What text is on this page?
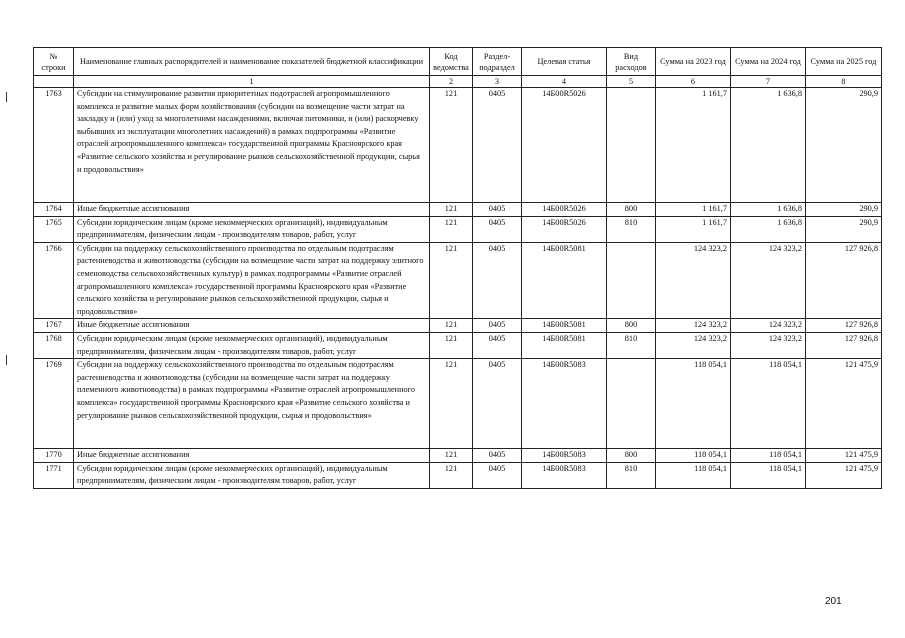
№ строки	Наименование главных распорядителей и наименование показателей бюджетной классификации	Код ведомства	Раздел-подраздел	Целевая статья	Вид расходов	Сумма на 2023 год	Сумма на 2024 год	Сумма на 2025 год
	1	2	3	4	5	6	7	8
1763	Субсидии на стимулирование развития приоритетных подотраслей агропромышленного комплекса и развитие малых форм хозяйствования (субсидии на возмещение части затрат на закладку и (или) уход за многолетними насаждениями, включая питомники, и (или) раскорчевку выбывших из эксплуатации многолетних насаждений) в рамках подпрограммы «Развитие отраслей агропромышленного комплекса» государственной программы Красноярского края «Развитие сельского хозяйства и регулирование рынков сельскохозяйственной продукции, сырья и продовольствия»	121	0405	14Б00R5026		1 161,7	1 636,8	290,9
1764	Иные бюджетные ассигнования	121	0405	14Б00R5026	800	1 161,7	1 636,8	290,9
1765	Субсидии юридическим лицам (кроме некоммерческих организаций), индивидуальным предпринимателям, физическим лицам - производителям товаров, работ, услуг	121	0405	14Б00R5026	810	1 161,7	1 636,8	290,9
1766	Субсидии на поддержку сельскохозяйственного производства по отдельным подотраслям растениеводства и животноводства (субсидии на возмещение части затрат на поддержку элитного семеноводства сельскохозяйственных культур) в рамках подпрограммы «Развитие отраслей агропромышленного комплекса» государственной программы Красноярского края «Развитие сельского хозяйства и регулирование рынков сельскохозяйственной продукции, сырья и продовольствия»	121	0405	14Б00R5081		124 323,2	124 323,2	127 926,8
1767	Иные бюджетные ассигнования	121	0405	14Б00R5081	800	124 323,2	124 323,2	127 926,8
1768	Субсидии юридическим лицам (кроме некоммерческих организаций), индивидуальным предпринимателям, физическим лицам - производителям товаров, работ, услуг	121	0405	14Б00R5081	810	124 323,2	124 323,2	127 926,8
1769	Субсидии на поддержку сельскохозяйственного производства по отдельным подотраслям растениеводства и животноводства (субсидии на возмещение части затрат на поддержку племенного животноводства) в рамках подпрограммы «Развитие отраслей агропромышленного комплекса» государственной программы Красноярского края «Развитие сельского хозяйства и регулирование рынков сельскохозяйственной продукции, сырья и продовольствия»	121	0405	14Б00R5083		118 054,1	118 054,1	121 475,9
1770	Иные бюджетные ассигнования	121	0405	14Б00R5083	800	118 054,1	118 054,1	121 475,9
1771	Субсидии юридическим лицам (кроме некоммерческих организаций), индивидуальным предпринимателям, физическим лицам - производителям товаров, работ, услуг	121	0405	14Б00R5083	810	118 054,1	118 054,1	121 475,9
201
